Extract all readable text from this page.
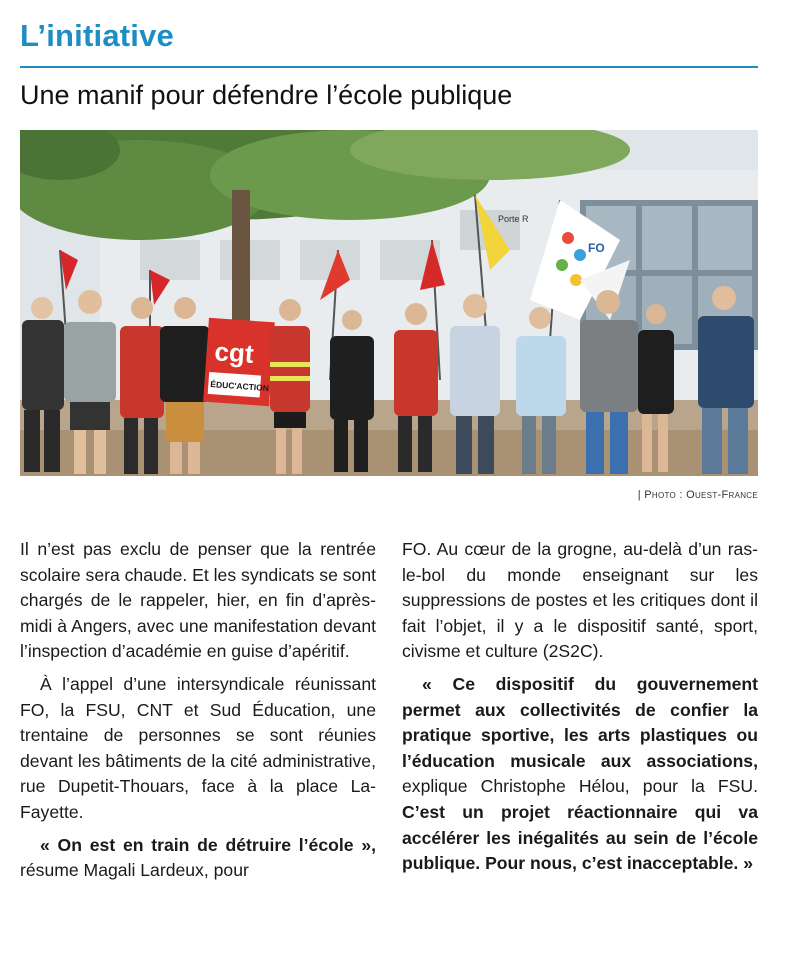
L’initiative
Une manif pour défendre l’école publique
Porte R
FO
cgt
ÉDUC'ACTION
| Photo : Ouest-France

Il n’est pas exclu de penser que la rentrée scolaire sera chaude. Et les syndicats se sont chargés de le rappeler, hier, en fin d’après-midi à Angers, avec une manifestation devant l’inspection d’académie en guise d’apéritif.

À l’appel d’une intersyndicale réunissant FO, la FSU, CNT et Sud Éducation, une trentaine de personnes se sont réunies devant les bâtiments de la cité administrative, rue Dupetit-Thouars, face à la place La-Fayette.

« On est en train de détruire l’école », résume Magali Lardeux, pour

FO. Au cœur de la grogne, au-delà d’un ras-le-bol du monde enseignant sur les suppressions de postes et les critiques dont il fait l’objet, il y a le dispositif santé, sport, civisme et culture (2S2C).

« Ce dispositif du gouvernement permet aux collectivités de confier la pratique sportive, les arts plastiques ou l’éducation musicale aux associations, explique Christophe Hélou, pour la FSU. C’est un projet réactionnaire qui va accélérer les inégalités au sein de l’école publique. Pour nous, c’est inacceptable. »
